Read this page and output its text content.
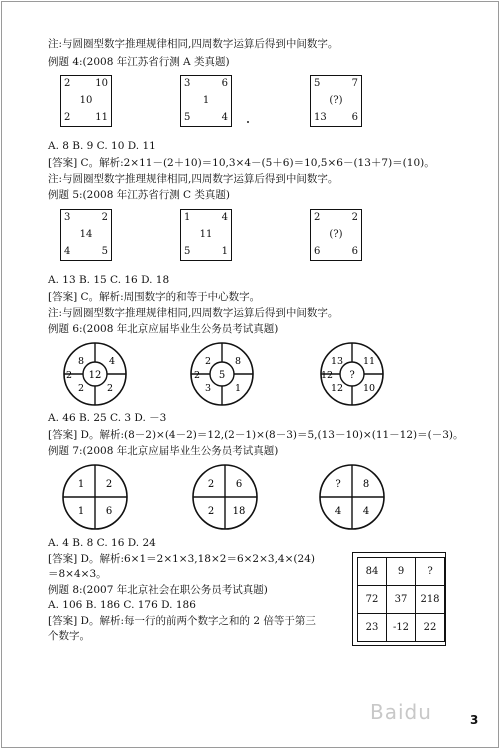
注:与圆圈型数字推理规律相同,四周数字运算后得到中间数字。
例题 4:(2008 年江苏省行测 A 类真题)
2 10
10
2 11
3	6
1
5	4
5	7
(?)
13 6
A. 8 B. 9 C. 10 D. 11
[答案] C。解析:2×11－(2＋10)＝10,3×4－(5＋6)＝10,5×6－(13＋7)＝(10)。
注:与圆圈型数字推理规律相同,四周数字运算后得到中间数字。
例题 5:(2008 年江苏省行测 C 类真题)
3	2
14
4	5
1	4
11
5	1
2	2
(?)
6	6
A. 13 B. 15 C. 16 D. 18
[答案] C。解析:周围数字的和等于中心数字。
注:与圆圈型数字推理规律相同,四周数字运算后得到中间数字。
例题 6:(2008 年北京应届毕业生公务员考试真题)
12
4
8
2 2
2	5
2	8
3	1
2	?
13 11
12 10
12
A. 46 B. 25 C. 3 D. －3
[答案] D。解析:(8－2)×(4－2)＝12,(2－1)×(8－3)＝5,(13－10)×(11－12)＝(－3)。
例题 7:(2008 年北京应届毕业生公务员考试真题)
1 2
1 6
2 6
2 18
? 8
4 4
A. 4 B. 8 C. 16 D. 24
[答案] D。解析:6×1＝2×1×3,18×2＝6×2×3,4×(24)
＝8×4×3。
例题 8:(2007 年北京社会在职公务员考试真题)
A. 106 B. 186 C. 176 D. 186
[答案] D。解析:每一行的前两个数字之和的 2 倍等于第三
个数字。
84	9	?
72	37	218
23	-12	22
Baidu	3
